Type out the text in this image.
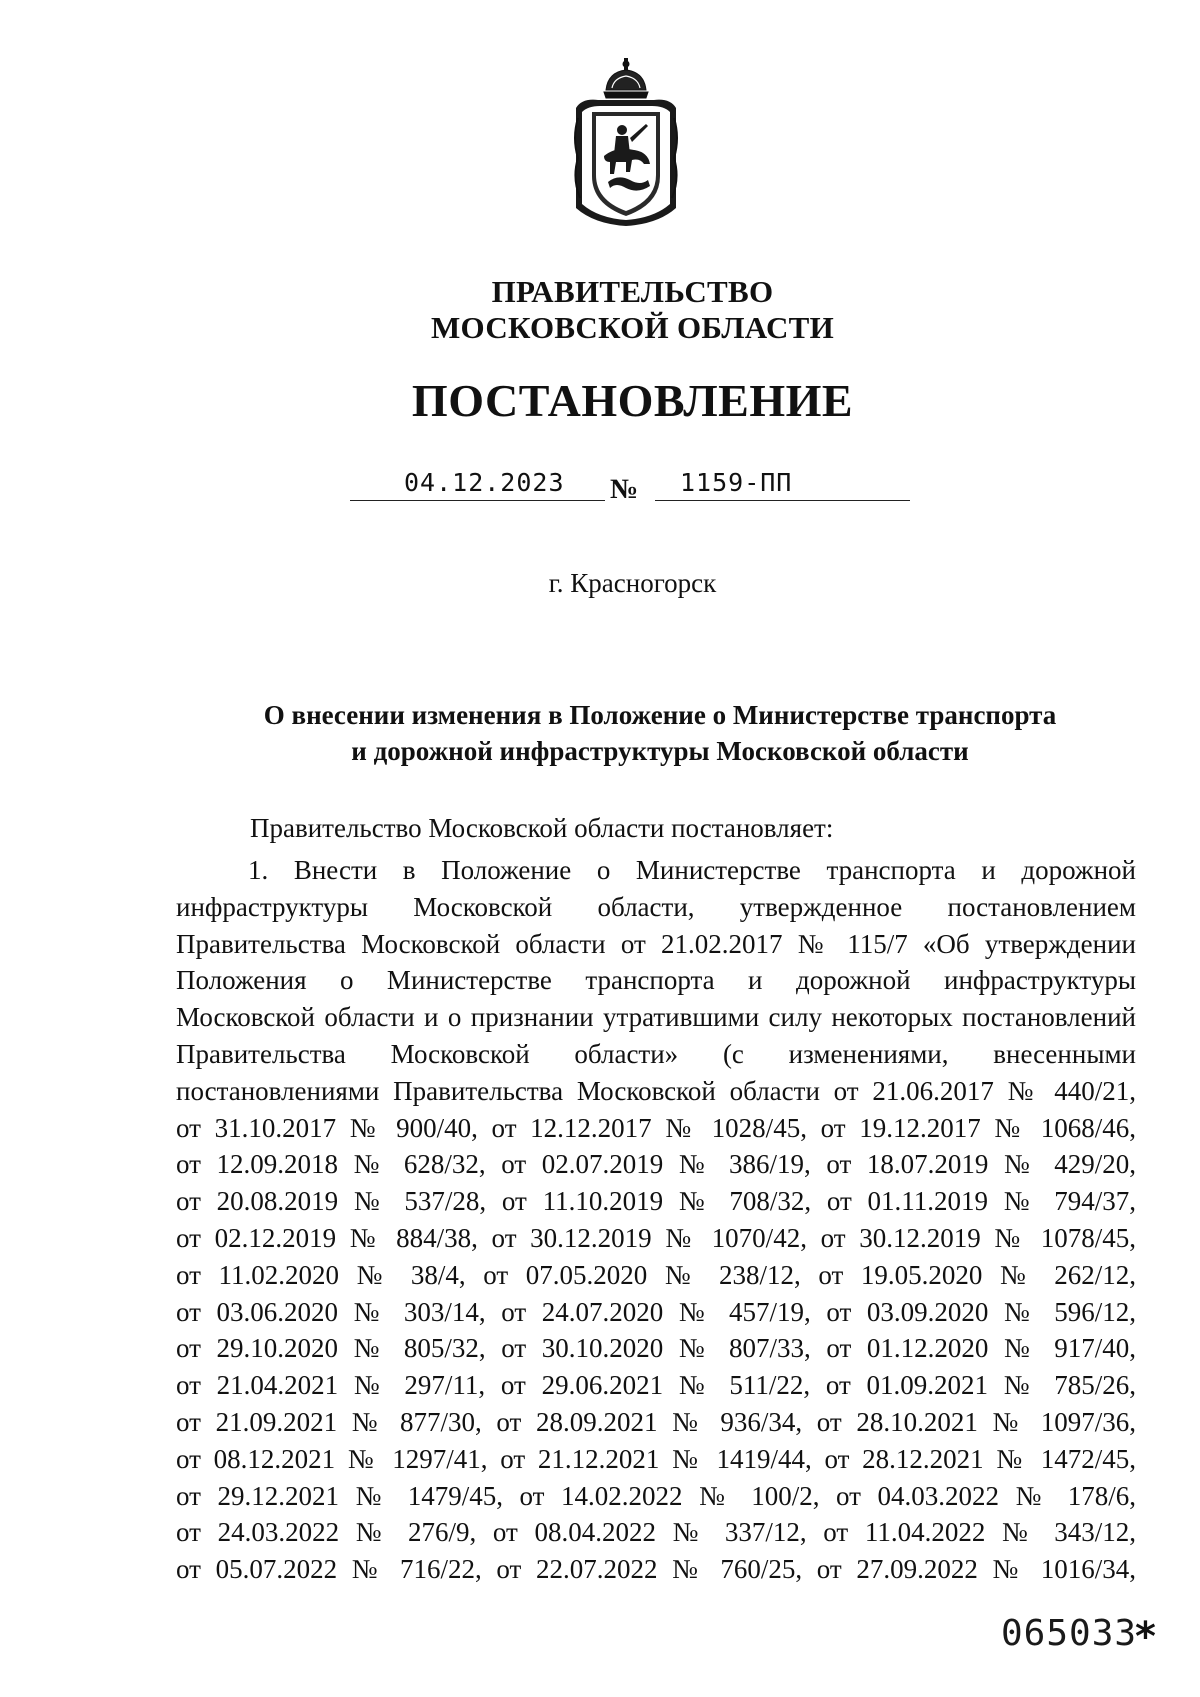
ПРАВИТЕЛЬСТВО
МОСКОВСКОЙ ОБЛАСТИ
ПОСТАНОВЛЕНИЕ
04.12.2023 № 1159-ПП
г. Красногорск
О внесении изменения в Положение о Министерстве транспорта
и дорожной инфраструктуры Московской области
Правительство Московской области постановляет:
1. Внести в Положение о Министерстве транспорта и дорожной
инфраструктуры Московской области, утвержденное постановлением
Правительства Московской области от 21.02.2017 № 115/7 «Об утверждении
Положения о Министерстве транспорта и дорожной инфраструктуры
Московской области и о признании утратившими силу некоторых постановлений
Правительства Московской области» (с изменениями, внесенными
постановлениями Правительства Московской области от 21.06.2017 № 440/21,
от 31.10.2017 № 900/40, от 12.12.2017 № 1028/45, от 19.12.2017 № 1068/46,
от 12.09.2018 № 628/32, от 02.07.2019 № 386/19, от 18.07.2019 № 429/20,
от 20.08.2019 № 537/28, от 11.10.2019 № 708/32, от 01.11.2019 № 794/37,
от 02.12.2019 № 884/38, от 30.12.2019 № 1070/42, от 30.12.2019 № 1078/45,
от 11.02.2020 № 38/4, от 07.05.2020 № 238/12, от 19.05.2020 № 262/12,
от 03.06.2020 № 303/14, от 24.07.2020 № 457/19, от 03.09.2020 № 596/12,
от 29.10.2020 № 805/32, от 30.10.2020 № 807/33, от 01.12.2020 № 917/40,
от 21.04.2021 № 297/11, от 29.06.2021 № 511/22, от 01.09.2021 № 785/26,
от 21.09.2021 № 877/30, от 28.09.2021 № 936/34, от 28.10.2021 № 1097/36,
от 08.12.2021 № 1297/41, от 21.12.2021 № 1419/44, от 28.12.2021 № 1472/45,
от 29.12.2021 № 1479/45, от 14.02.2022 № 100/2, от 04.03.2022 № 178/6,
от 24.03.2022 № 276/9, от 08.04.2022 № 337/12, от 11.04.2022 № 343/12,
от 05.07.2022 № 716/22, от 22.07.2022 № 760/25, от 27.09.2022 № 1016/34,
065033
*
